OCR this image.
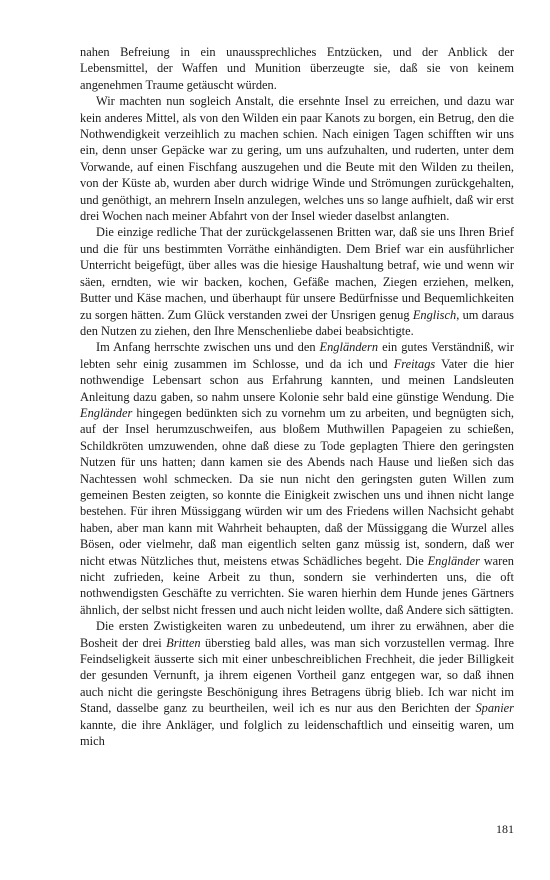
nahen Befreiung in ein unaussprechliches Entzücken, und der Anblick der Lebensmittel, der Waffen und Munition überzeugte sie, daß sie von keinem angenehmen Traume getäuscht würden.

Wir machten nun sogleich Anstalt, die ersehnte Insel zu erreichen, und dazu war kein anderes Mittel, als von den Wilden ein paar Kanots zu borgen, ein Betrug, den die Nothwendigkeit verzeihlich zu machen schien. Nach einigen Tagen schifften wir uns ein, denn unser Gepäcke war zu gering, um uns aufzuhalten, und ruderten, unter dem Vorwande, auf einen Fischfang auszugehen und die Beute mit den Wilden zu theilen, von der Küste ab, wurden aber durch widrige Winde und Strömungen zurückgehalten, und genöthigt, an mehrern Inseln anzulegen, welches uns so lange aufhielt, daß wir erst drei Wochen nach meiner Abfahrt von der Insel wieder daselbst anlangten.

Die einzige redliche That der zurückgelassenen Britten war, daß sie uns Ihren Brief und die für uns bestimmten Vorräthe einhändigten. Dem Brief war ein ausführlicher Unterricht beigefügt, über alles was die hiesige Haushaltung betraf, wie und wenn wir säen, erndten, wie wir backen, kochen, Gefäße machen, Ziegen erziehen, melken, Butter und Käse machen, und überhaupt für unsere Bedürfnisse und Bequemlichkeiten zu sorgen hätten. Zum Glück verstanden zwei der Unsrigen genug Englisch, um daraus den Nutzen zu ziehen, den Ihre Menschenliebe dabei beabsichtigte.

Im Anfang herrschte zwischen uns und den Engländern ein gutes Verständniß, wir lebten sehr einig zusammen im Schlosse, und da ich und Freitags Vater die hier nothwendige Lebensart schon aus Erfahrung kannten, und meinen Landsleuten Anleitung dazu gaben, so nahm unsere Kolonie sehr bald eine günstige Wendung. Die Engländer hingegen bedünkten sich zu vornehm um zu arbeiten, und begnügten sich, auf der Insel herumzuschweifen, aus bloßem Muthwillen Papageien zu schießen, Schildkröten umzuwenden, ohne daß diese zu Tode geplagten Thiere den geringsten Nutzen für uns hatten; dann kamen sie des Abends nach Hause und ließen sich das Nachtessen wohl schmecken. Da sie nun nicht den geringsten guten Willen zum gemeinen Besten zeigten, so konnte die Einigkeit zwischen uns und ihnen nicht lange bestehen. Für ihren Müssiggang würden wir um des Friedens willen Nachsicht gehabt haben, aber man kann mit Wahrheit behaupten, daß der Müssiggang die Wurzel alles Bösen, oder vielmehr, daß man eigentlich selten ganz müssig ist, sondern, daß wer nicht etwas Nützliches thut, meistens etwas Schädliches begeht. Die Engländer waren nicht zufrieden, keine Arbeit zu thun, sondern sie verhinderten uns, die oft nothwendigsten Geschäfte zu verrichten. Sie waren hierhin dem Hunde jenes Gärtners ähnlich, der selbst nicht fressen und auch nicht leiden wollte, daß Andere sich sättigten.

Die ersten Zwistigkeiten waren zu unbedeutend, um ihrer zu erwähnen, aber die Bosheit der drei Britten überstieg bald alles, was man sich vorzustellen vermag. Ihre Feindseligkeit äusserte sich mit einer unbeschreiblichen Frechheit, die jeder Billigkeit der gesunden Vernunft, ja ihrem eigenen Vortheil ganz entgegen war, so daß ihnen auch nicht die geringste Beschönigung ihres Betragens übrig blieb. Ich war nicht im Stand, dasselbe ganz zu beurtheilen, weil ich es nur aus den Berichten der Spanier kannte, die ihre Ankläger, und folglich zu leidenschaftlich und einseitig waren, um mich

181
